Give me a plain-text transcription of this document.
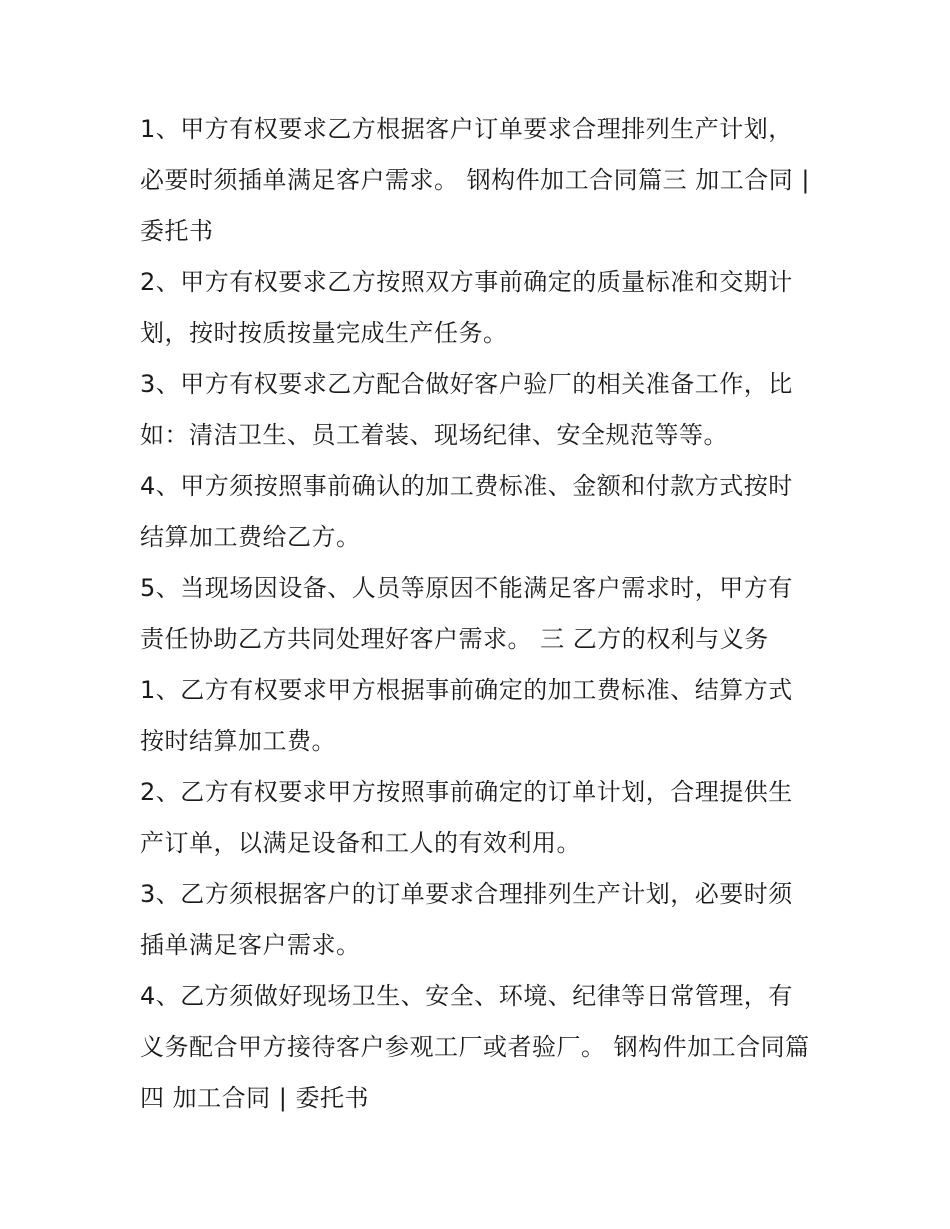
1、甲方有权要求乙方根据客户订单要求合理排列生产计划，必要时须插单满足客户需求。 钢构件加工合同篇三 加工合同 | 委托书

2、甲方有权要求乙方按照双方事前确定的质量标准和交期计划，按时按质按量完成生产任务。

3、甲方有权要求乙方配合做好客户验厂的相关准备工作，比如：清洁卫生、员工着装、现场纪律、安全规范等等。

4、甲方须按照事前确认的加工费标准、金额和付款方式按时结算加工费给乙方。

5、当现场因设备、人员等原因不能满足客户需求时，甲方有责任协助乙方共同处理好客户需求。 三 乙方的权利与义务

1、乙方有权要求甲方根据事前确定的加工费标准、结算方式按时结算加工费。

2、乙方有权要求甲方按照事前确定的订单计划，合理提供生产订单，以满足设备和工人的有效利用。

3、乙方须根据客户的订单要求合理排列生产计划，必要时须插单满足客户需求。

4、乙方须做好现场卫生、安全、环境、纪律等日常管理，有义务配合甲方接待客户参观工厂或者验厂。 钢构件加工合同篇四 加工合同 | 委托书
